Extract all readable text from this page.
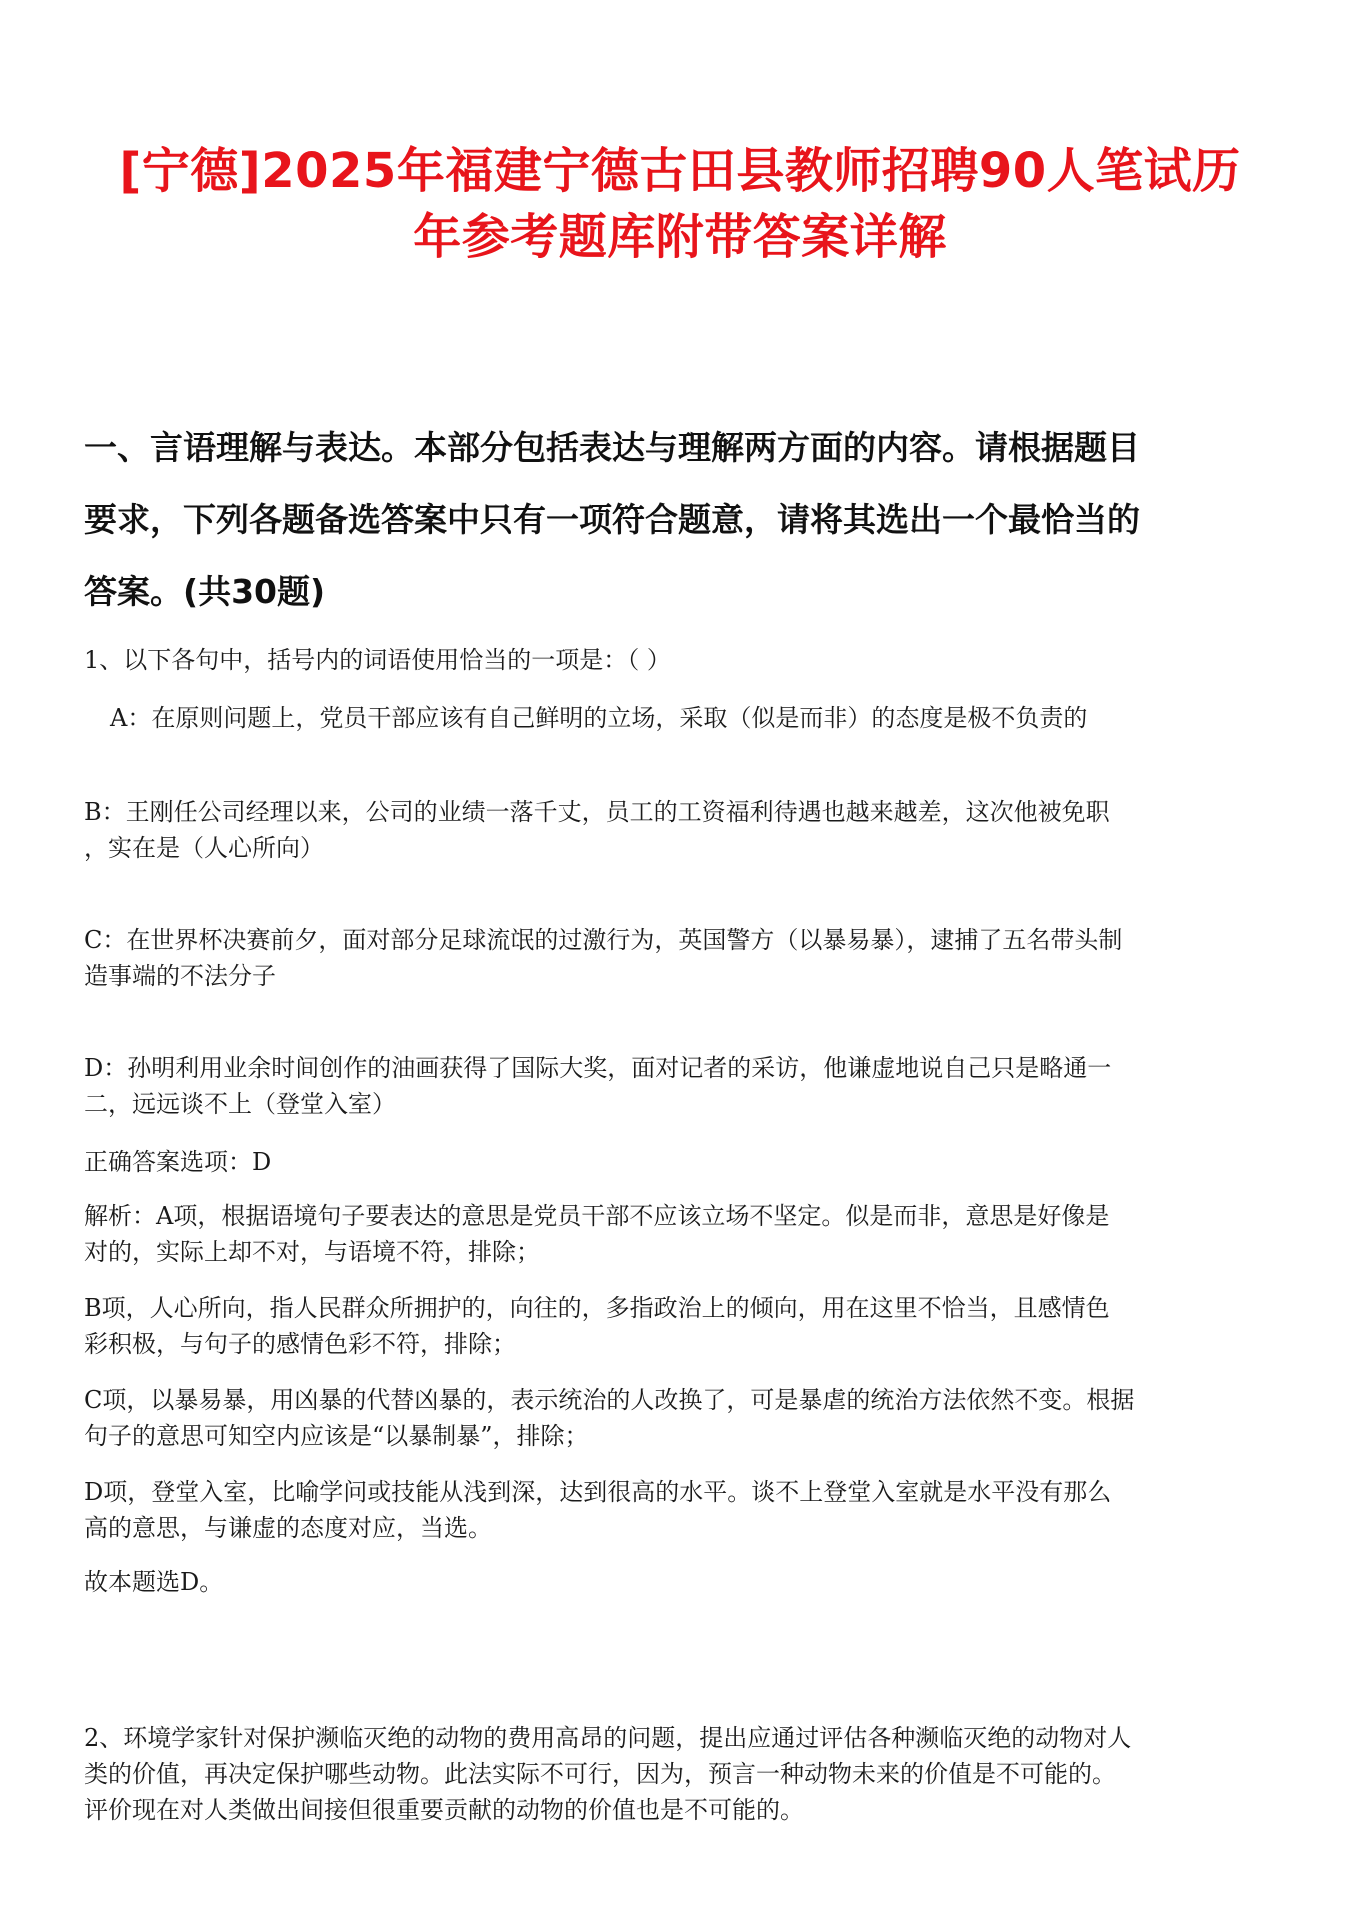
[宁德]2025年福建宁德古田县教师招聘90人笔试历
年参考题库附带答案详解
一、言语理解与表达。本部分包括表达与理解两方面的内容。请根据题目
要求，下列各题备选答案中只有一项符合题意，请将其选出一个最恰当的
答案。(共30题)
1、以下各句中，括号内的词语使用恰当的一项是：（ ）
A：在原则问题上，党员干部应该有自己鲜明的立场，采取（似是而非）的态度是极不负责的
B：王刚任公司经理以来，公司的业绩一落千丈，员工的工资福利待遇也越来越差，这次他被免职
，实在是（人心所向）
C：在世界杯决赛前夕，面对部分足球流氓的过激行为，英国警方（以暴易暴），逮捕了五名带头制
造事端的不法分子
D：孙明利用业余时间创作的油画获得了国际大奖，面对记者的采访，他谦虚地说自己只是略通一
二，远远谈不上（登堂入室）
正确答案选项：D
解析：A项，根据语境句子要表达的意思是党员干部不应该立场不坚定。似是而非，意思是好像是
对的，实际上却不对，与语境不符，排除；
B项，人心所向，指人民群众所拥护的，向往的，多指政治上的倾向，用在这里不恰当，且感情色
彩积极，与句子的感情色彩不符，排除；
C项，以暴易暴，用凶暴的代替凶暴的，表示统治的人改换了，可是暴虐的统治方法依然不变。根据
句子的意思可知空内应该是“以暴制暴”，排除；
D项，登堂入室，比喻学问或技能从浅到深，达到很高的水平。谈不上登堂入室就是水平没有那么
高的意思，与谦虚的态度对应，当选。
故本题选D。
2、环境学家针对保护濒临灭绝的动物的费用高昂的问题，提出应通过评估各种濒临灭绝的动物对人
类的价值，再决定保护哪些动物。此法实际不可行，因为，预言一种动物未来的价值是不可能的。
评价现在对人类做出间接但很重要贡献的动物的价值也是不可能的。
